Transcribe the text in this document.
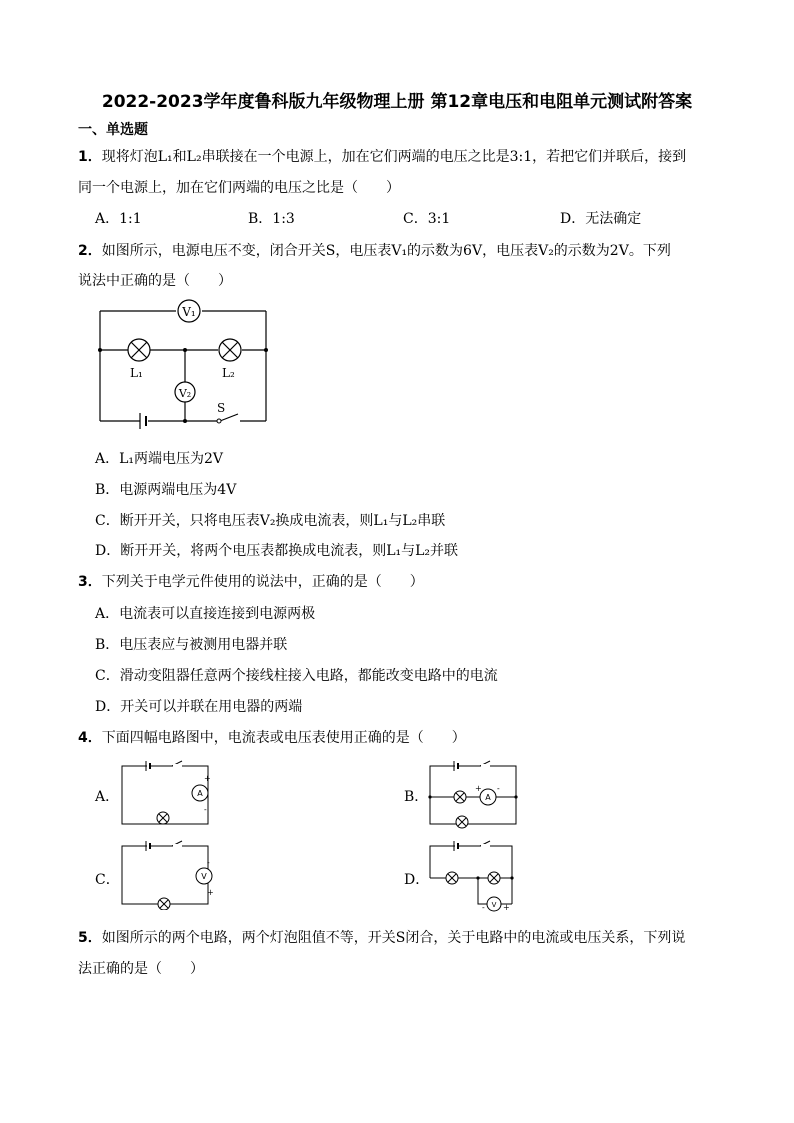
2022-2023学年度鲁科版九年级物理上册 第12章电压和电阻单元测试附答案
一、单选题
1．现将灯泡L₁和L₂串联接在一个电源上，加在它们两端的电压之比是3:1，若把它们并联后，接到
同一个电源上，加在它们两端的电压之比是（　　）
A．1:1	B．1:3	C．3:1	D．无法确定
2．如图所示，电源电压不变，闭合开关S，电压表V₁的示数为6V，电压表V₂的示数为2V。下列
说法中正确的是（　　）
V₁
V₂
L₁	L₂
S
A．L₁两端电压为2V
B．电源两端电压为4V
C．断开开关，只将电压表V₂换成电流表，则L₁与L₂串联
D．断开开关，将两个电压表都换成电流表，则L₁与L₂并联
3．下列关于电学元件使用的说法中，正确的是（　　）
A．电流表可以直接连接到电源两极
B．电压表应与被测用电器并联
C．滑动变阻器任意两个接线柱接入电路，都能改变电路中的电流
D．开关可以并联在用电器的两端
4．下面四幅电路图中，电流表或电压表使用正确的是（　　）
A．	A
+
-
B．	A
+ -
C．	V
-
+
D．
V
- +
5．如图所示的两个电路，两个灯泡阻值不等，开关S闭合，关于电路中的电流或电压关系，下列说
法正确的是（　　）
